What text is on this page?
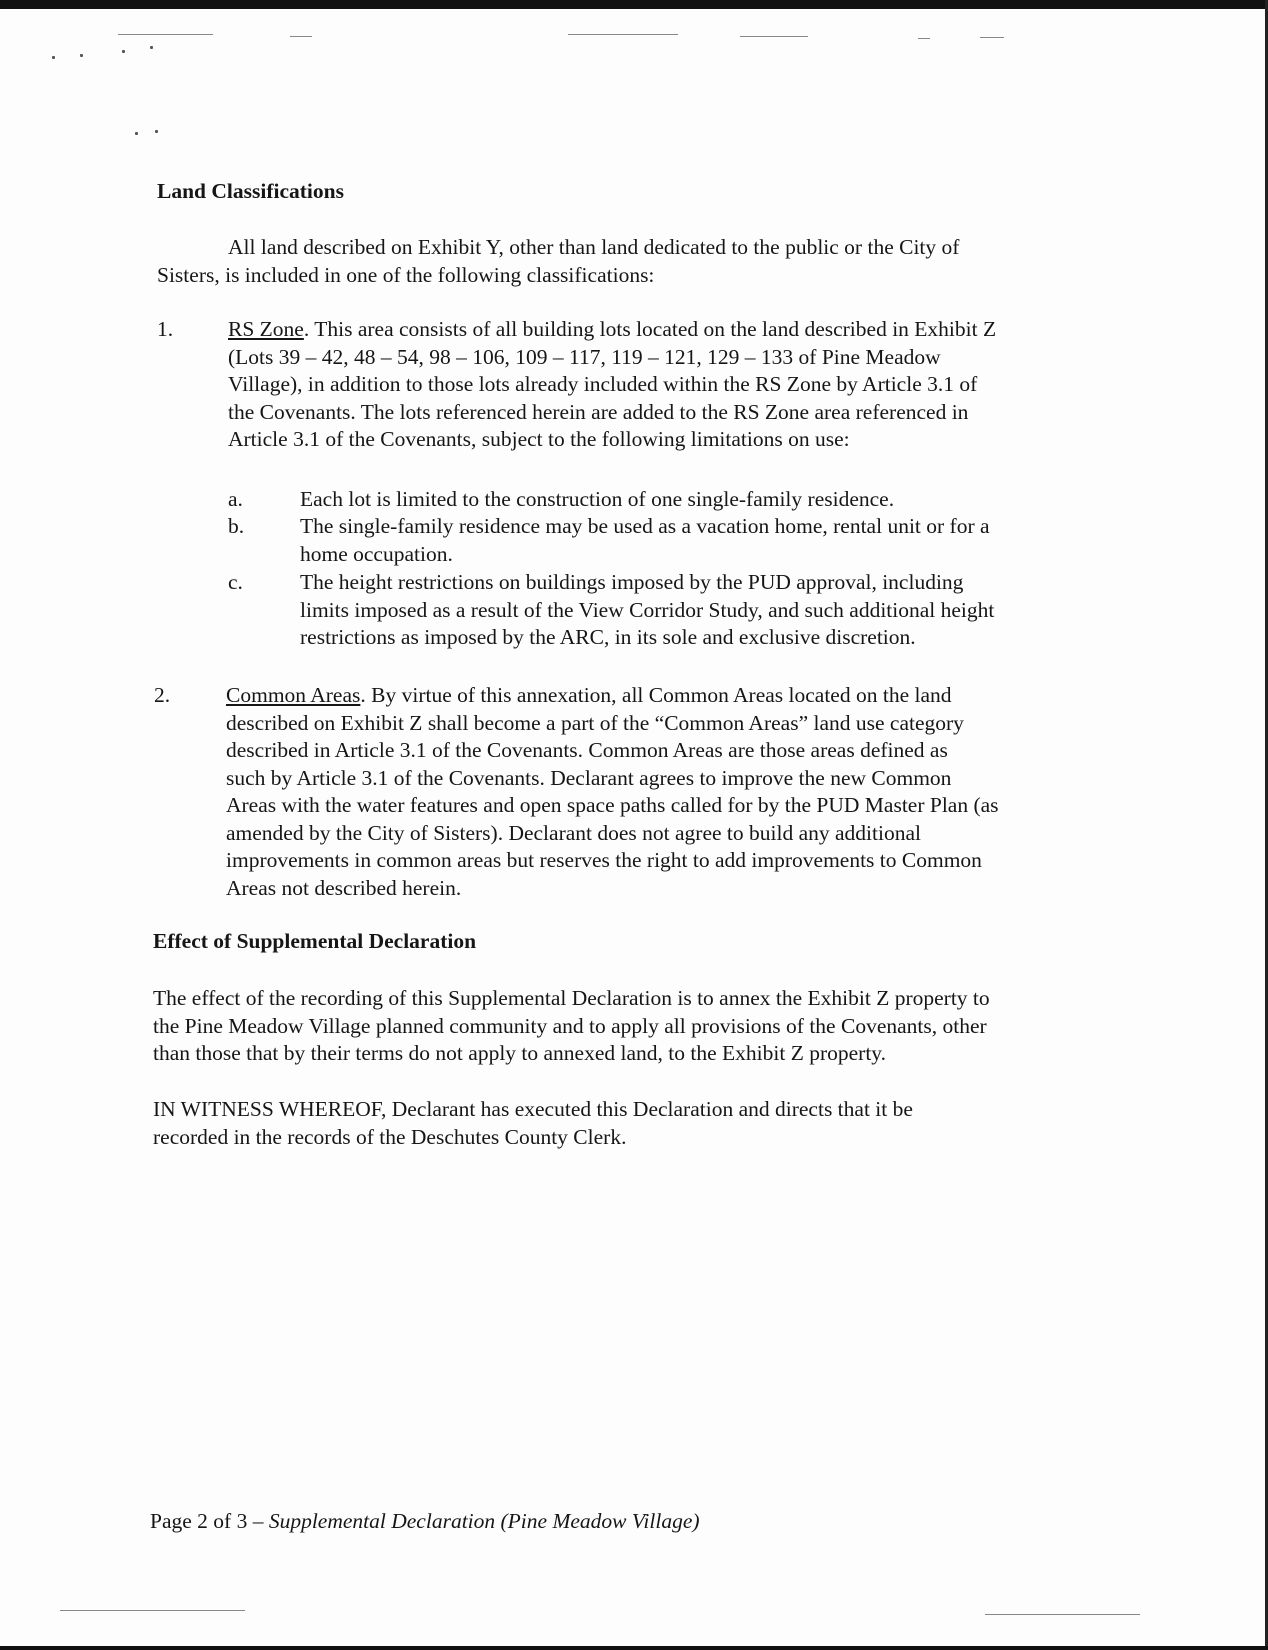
Land Classifications
All land described on Exhibit Y, other than land dedicated to the public or the City of
Sisters, is included in one of the following classifications:
1.	RS Zone. This area consists of all building lots located on the land described in Exhibit Z
(Lots 39 – 42, 48 – 54, 98 – 106, 109 – 117, 119 – 121, 129 – 133 of Pine Meadow
Village), in addition to those lots already included within the RS Zone by Article 3.1 of
the Covenants. The lots referenced herein are added to the RS Zone area referenced in
Article 3.1 of the Covenants, subject to the following limitations on use:
a.	Each lot is limited to the construction of one single-family residence.
b.	The single-family residence may be used as a vacation home, rental unit or for a
home occupation.
c.	The height restrictions on buildings imposed by the PUD approval, including
limits imposed as a result of the View Corridor Study, and such additional height
restrictions as imposed by the ARC, in its sole and exclusive discretion.
2.	Common Areas. By virtue of this annexation, all Common Areas located on the land
described on Exhibit Z shall become a part of the “Common Areas” land use category
described in Article 3.1 of the Covenants. Common Areas are those areas defined as
such by Article 3.1 of the Covenants. Declarant agrees to improve the new Common
Areas with the water features and open space paths called for by the PUD Master Plan (as
amended by the City of Sisters). Declarant does not agree to build any additional
improvements in common areas but reserves the right to add improvements to Common
Areas not described herein.
Effect of Supplemental Declaration
The effect of the recording of this Supplemental Declaration is to annex the Exhibit Z property to
the Pine Meadow Village planned community and to apply all provisions of the Covenants, other
than those that by their terms do not apply to annexed land, to the Exhibit Z property.
IN WITNESS WHEREOF, Declarant has executed this Declaration and directs that it be
recorded in the records of the Deschutes County Clerk.
Page 2 of 3 – Supplemental Declaration (Pine Meadow Village)
